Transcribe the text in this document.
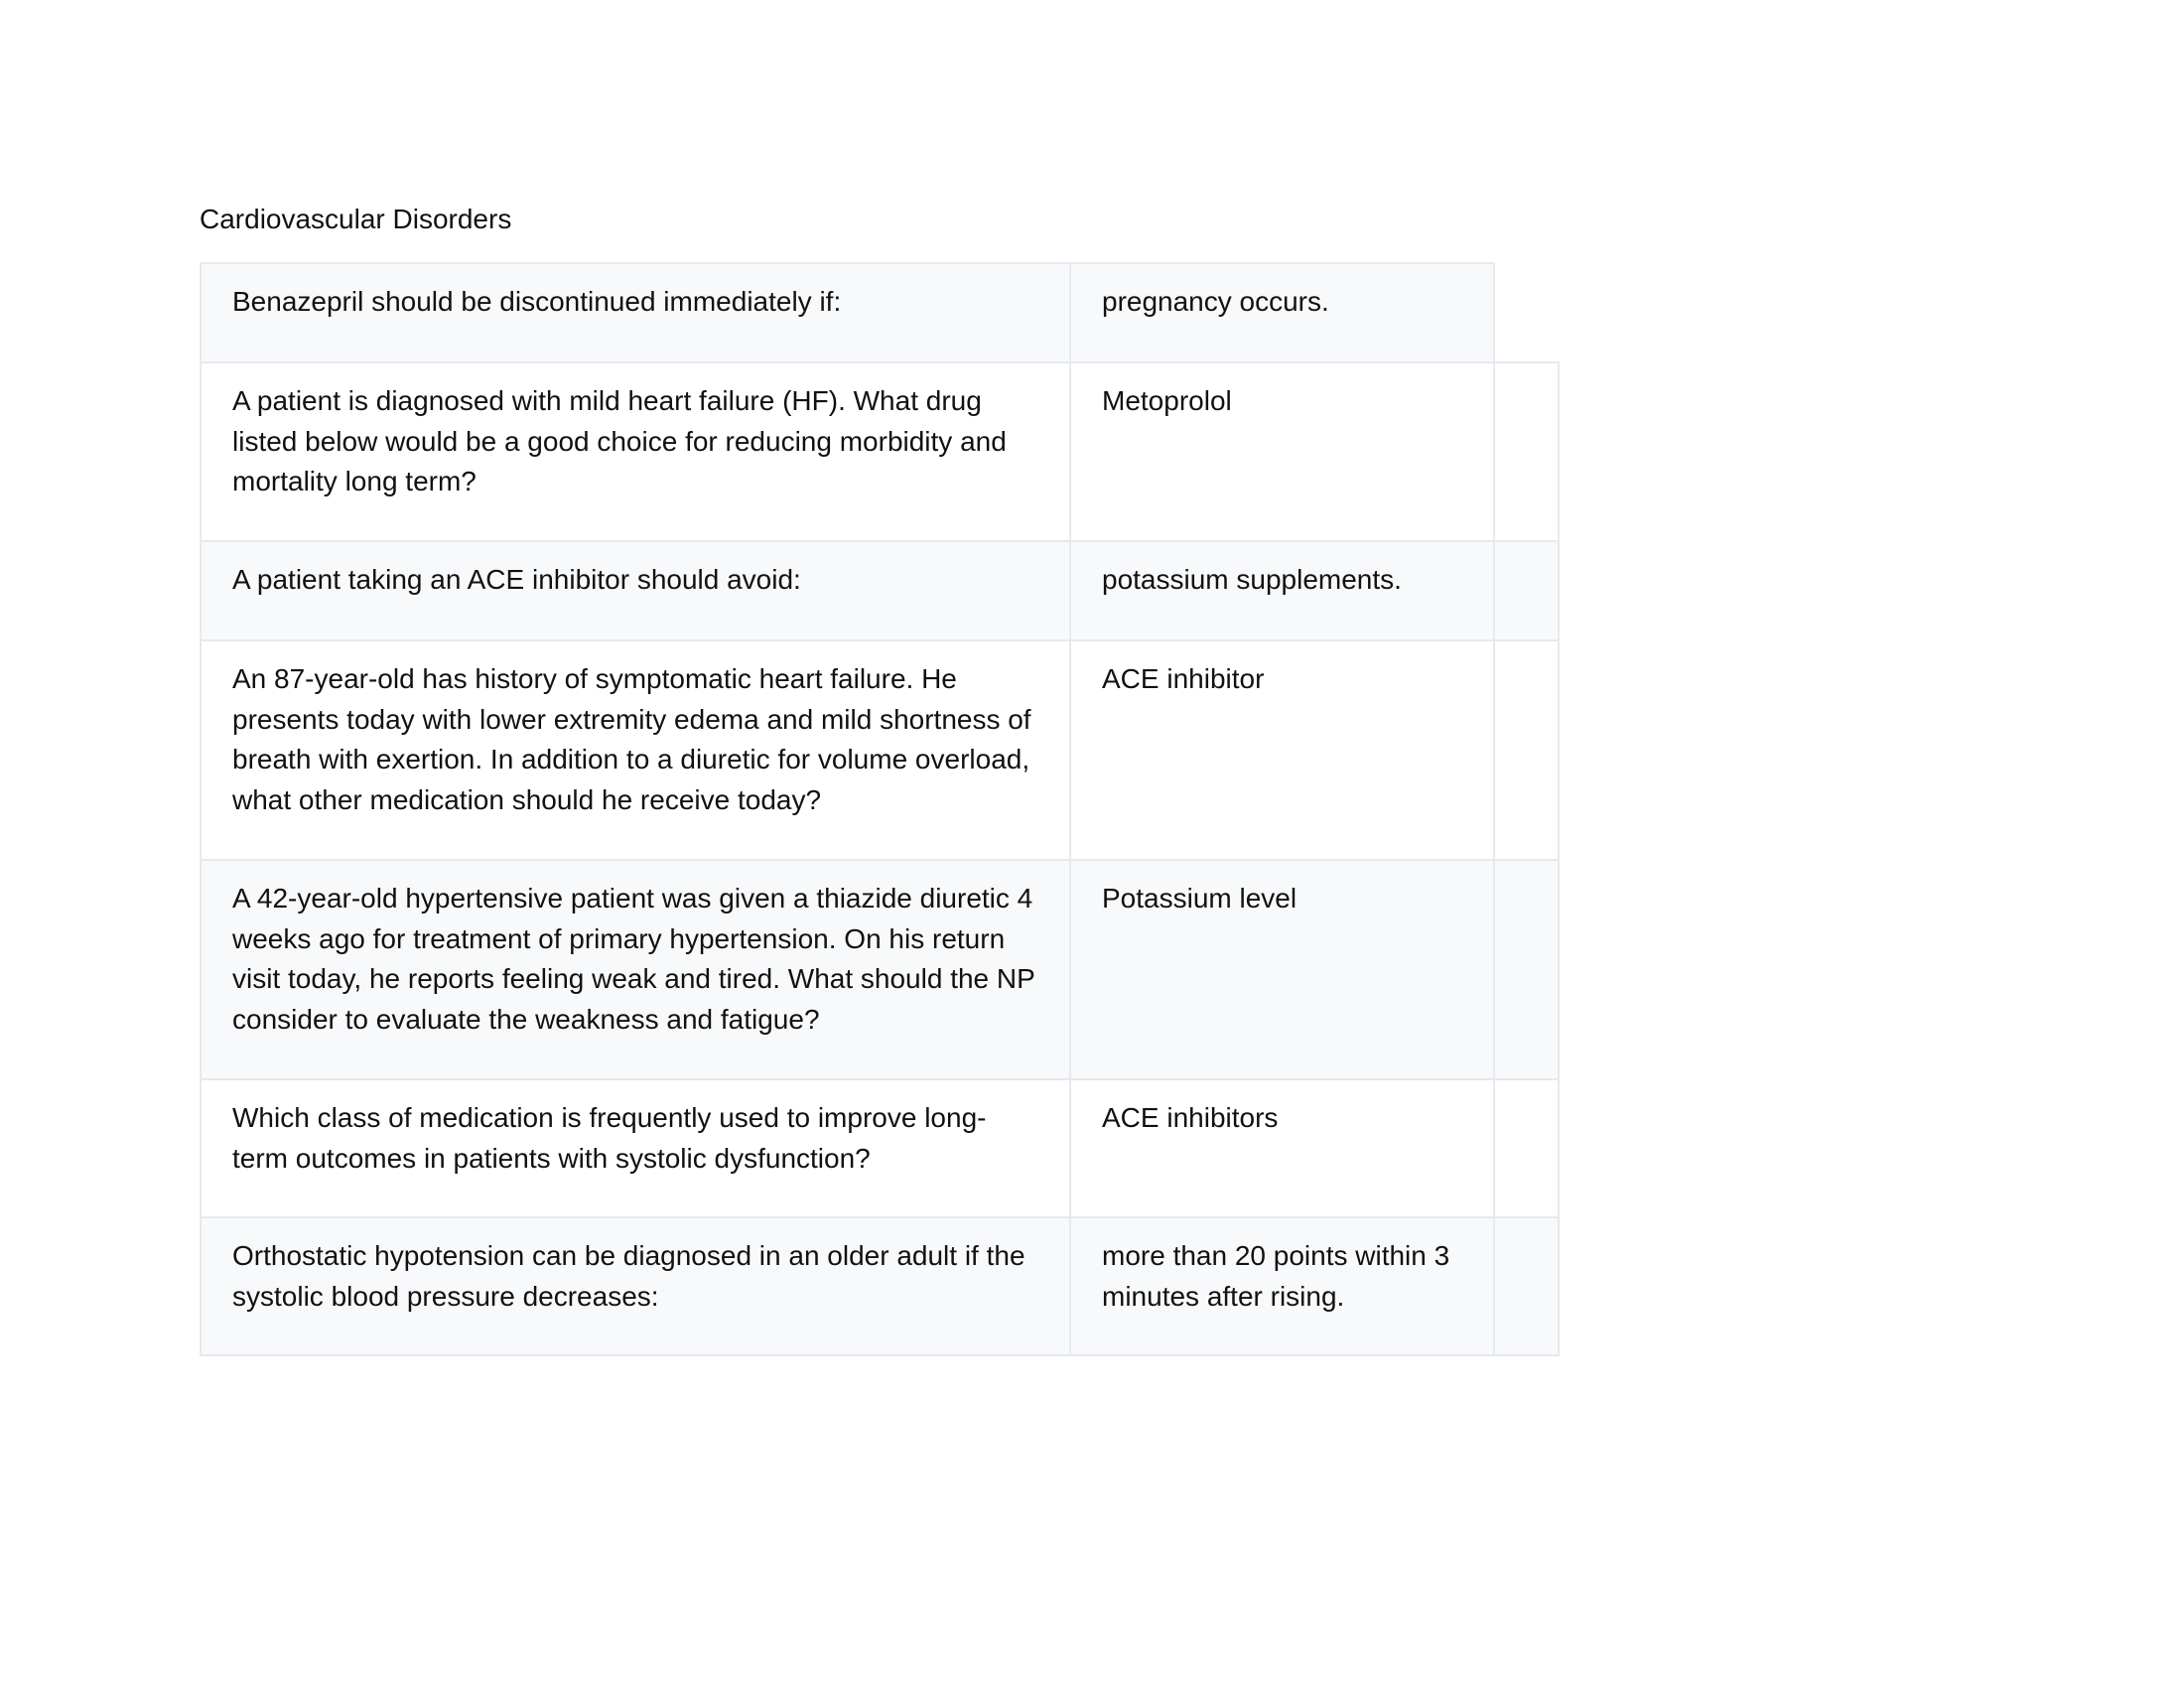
Cardiovascular Disorders
Benazepril should be discontinued immediately if:	pregnancy occurs.	
A patient is diagnosed with mild heart failure (HF). What drug listed below would be a good choice for reducing morbidity and mortality long term?	Metoprolol	
A patient taking an ACE inhibitor should avoid:	potassium supplements.	
An 87-year-old has history of symptomatic heart failure. He presents today with lower extremity edema and mild shortness of breath with exertion. In addition to a diuretic for volume overload, what other medication should he receive today?	ACE inhibitor	
A 42-year-old hypertensive patient was given a thiazide diuretic 4 weeks ago for treatment of primary hypertension. On his return visit today, he reports feeling weak and tired. What should the NP consider to evaluate the weakness and fatigue?	Potassium level	
Which class of medication is frequently used to improve long-term outcomes in patients with systolic dysfunction?	ACE inhibitors	
Orthostatic hypotension can be diagnosed in an older adult if the systolic blood pressure decreases:	more than 20 points within 3 minutes after rising.	
